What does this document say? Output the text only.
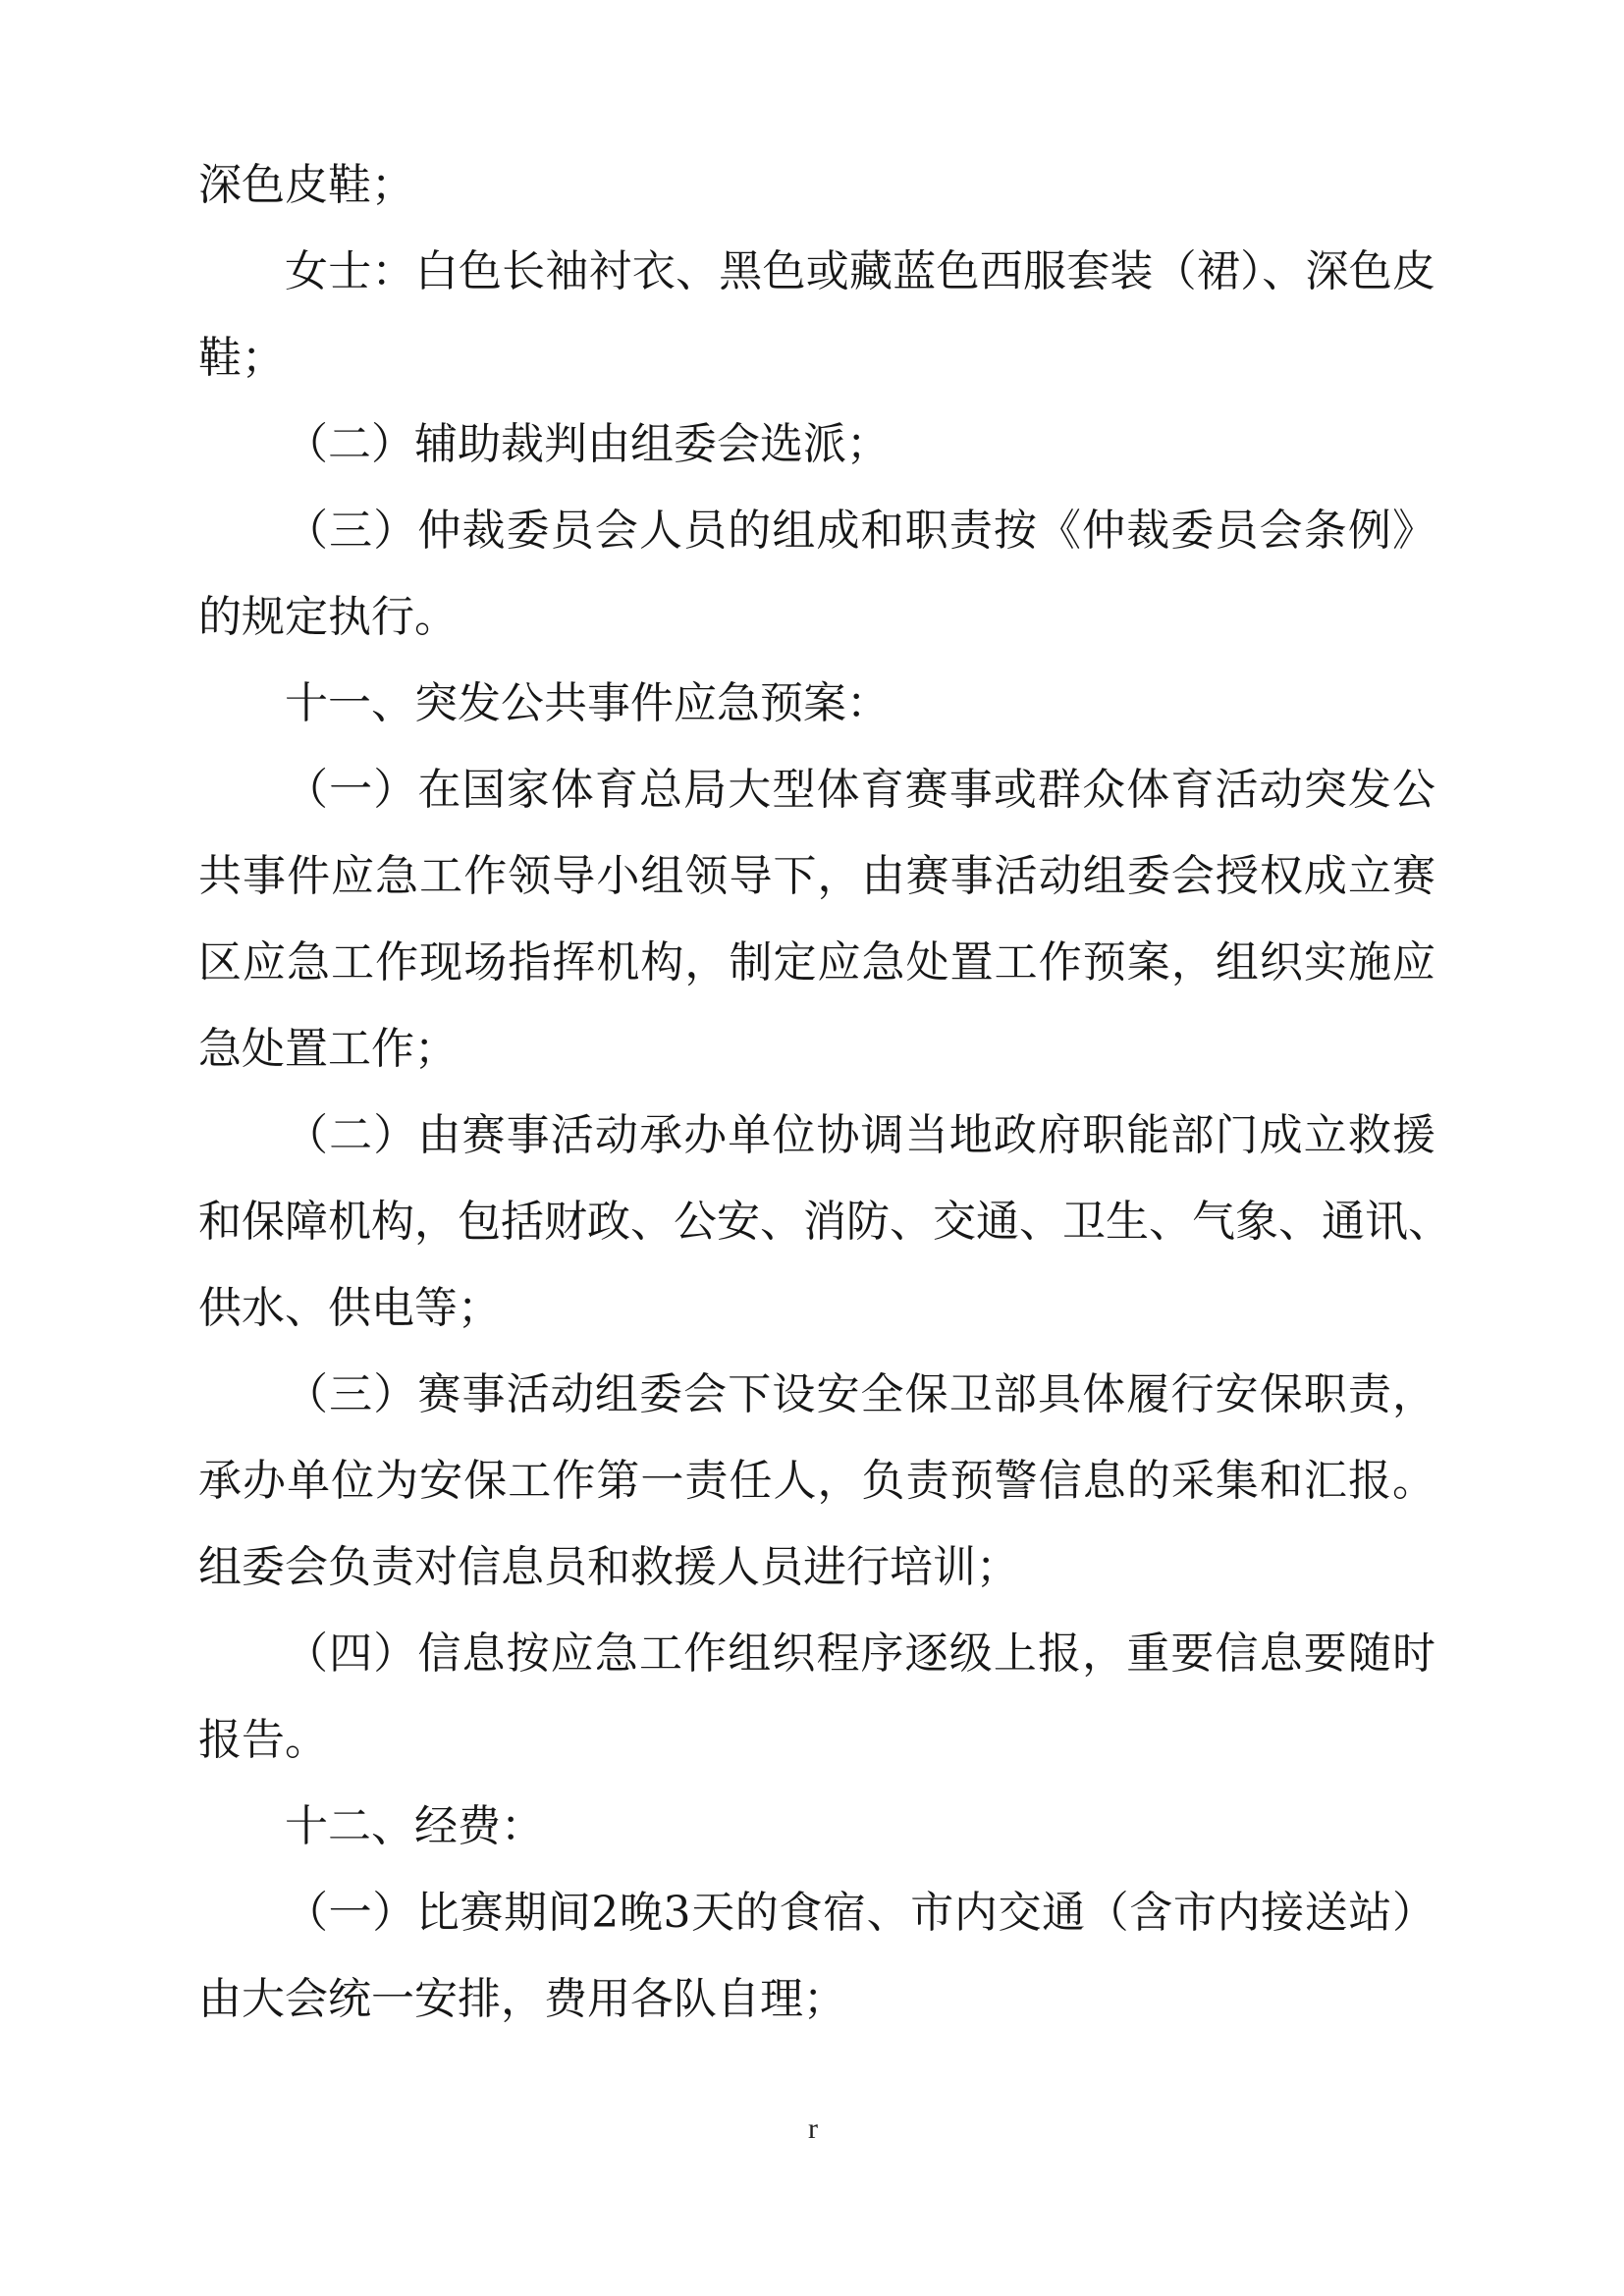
深色皮鞋；
女士：白色长袖衬衣、黑色或藏蓝色西服套装（裙）、深色皮
鞋；
（二）辅助裁判由组委会选派；
（三）仲裁委员会人员的组成和职责按《仲裁委员会条例》
的规定执行。
十一、突发公共事件应急预案：
（一）在国家体育总局大型体育赛事或群众体育活动突发公
共事件应急工作领导小组领导下，由赛事活动组委会授权成立赛
区应急工作现场指挥机构，制定应急处置工作预案，组织实施应
急处置工作；
（二）由赛事活动承办单位协调当地政府职能部门成立救援
和保障机构，包括财政、公安、消防、交通、卫生、气象、通讯、
供水、供电等；
（三）赛事活动组委会下设安全保卫部具体履行安保职责，
承办单位为安保工作第一责任人，负责预警信息的采集和汇报。
组委会负责对信息员和救援人员进行培训；
（四）信息按应急工作组织程序逐级上报，重要信息要随时
报告。
十二、经费：
（一）比赛期间2晚3天的食宿、市内交通（含市内接送站）
由大会统一安排，费用各队自理；
r
